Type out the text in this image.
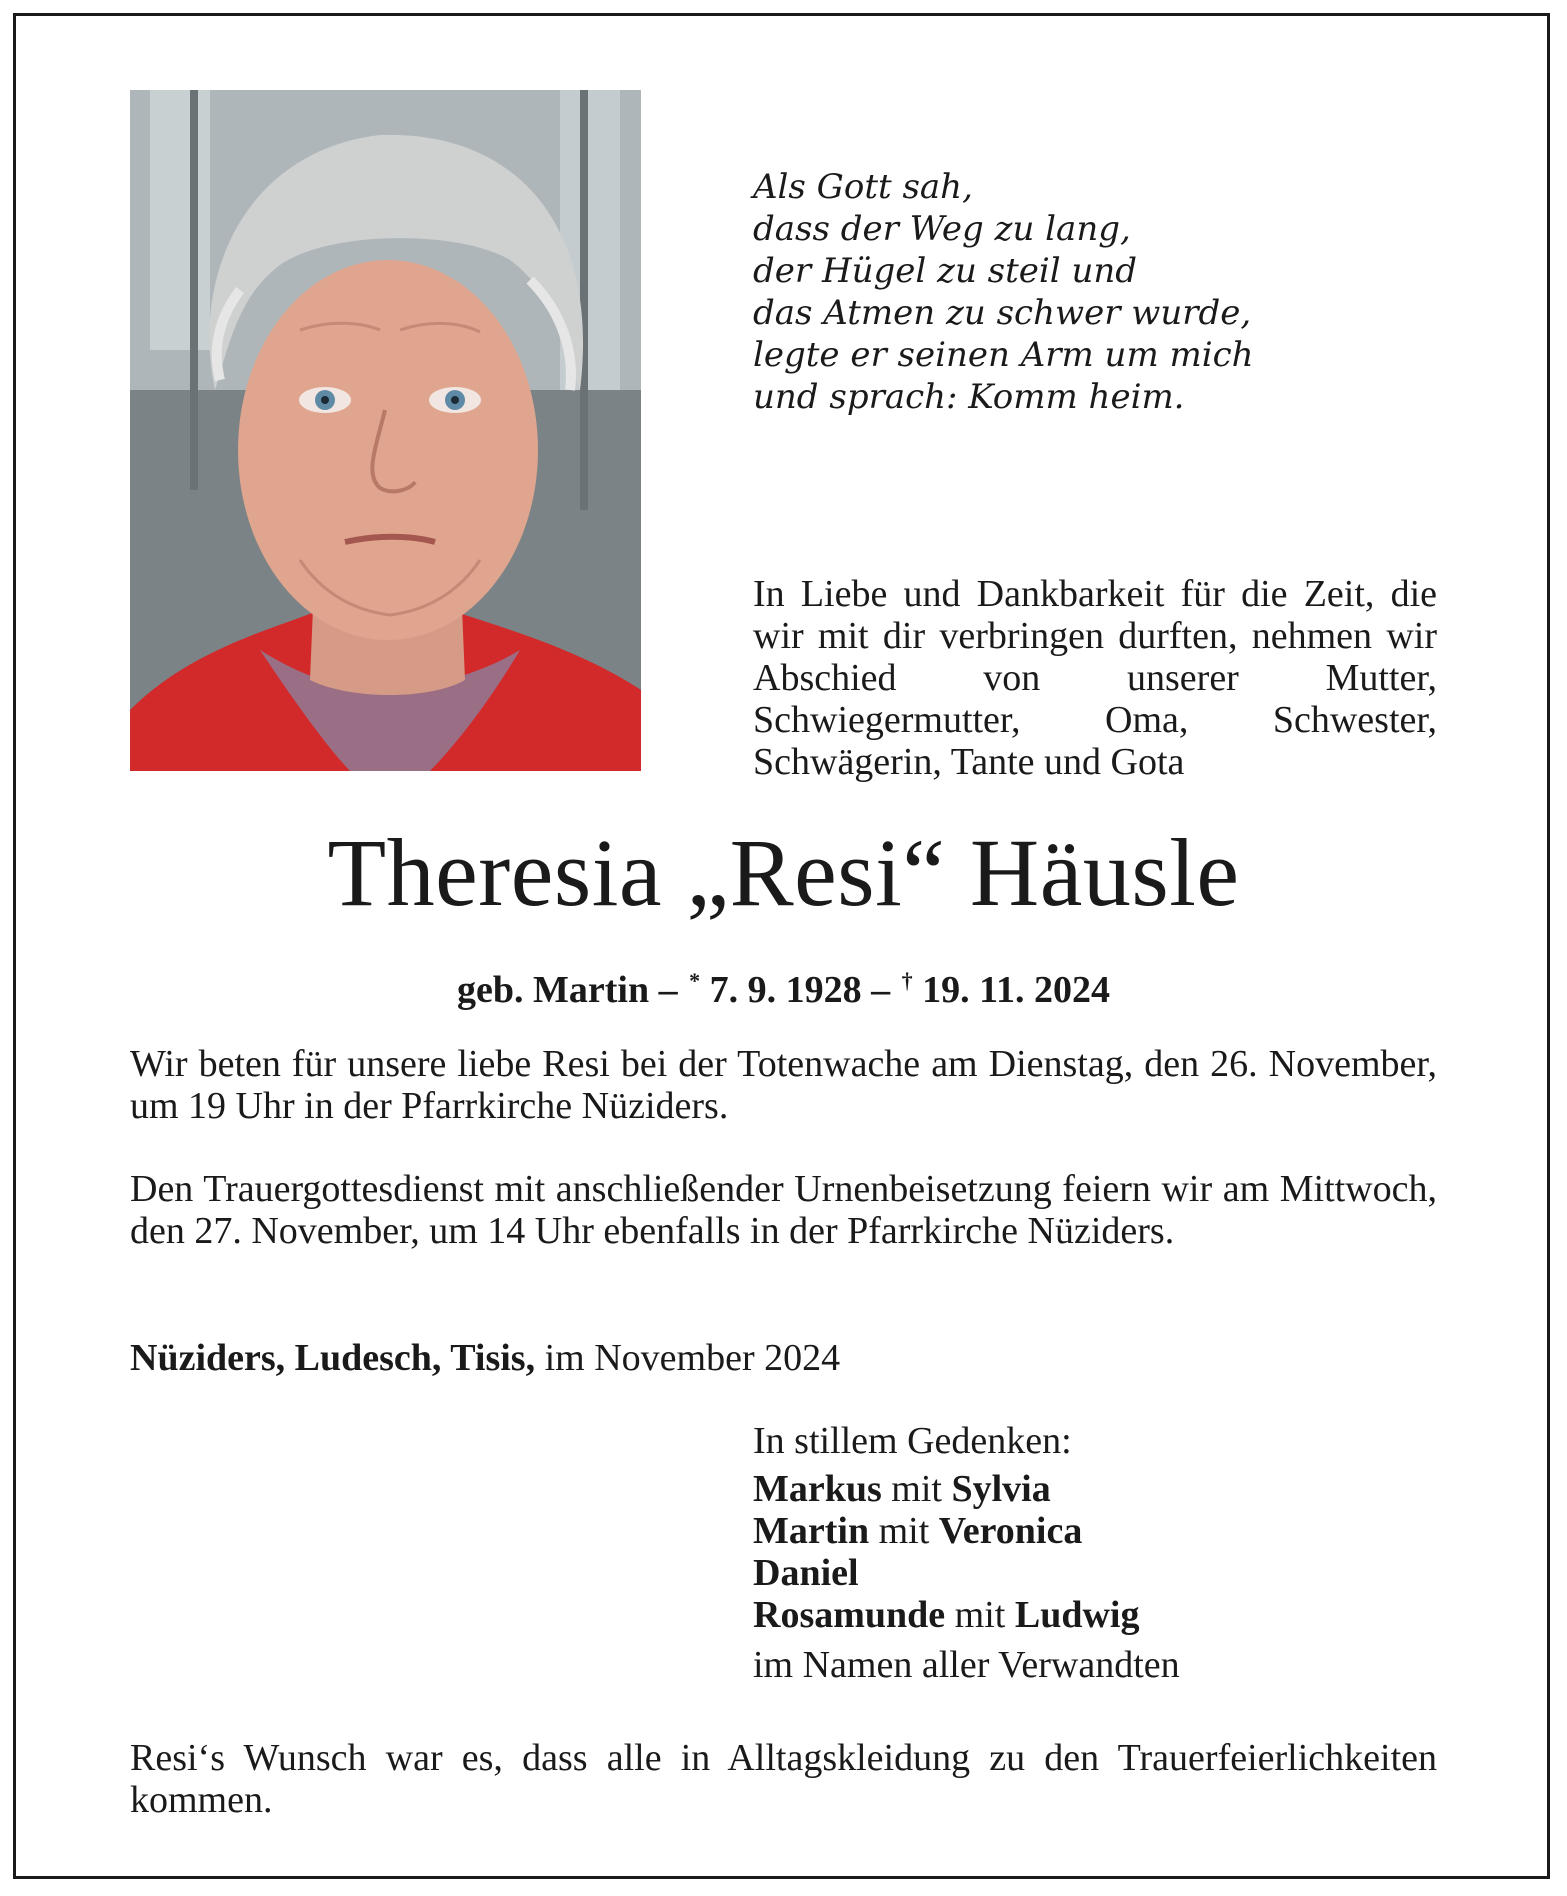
Als Gott sah,
dass der Weg zu lang,
der Hügel zu steil und
das Atmen zu schwer wurde,
legte er seinen Arm um mich
und sprach: Komm heim.
In Liebe und Dankbarkeit für die Zeit, die wir mit dir verbringen durften, nehmen wir Abschied von unserer Mutter, Schwiegermutter, Oma, Schwester, Schwägerin, Tante und Gota
Theresia „Resi“ Häusle
geb. Martin – * 7. 9. 1928 – † 19. 11. 2024
Wir beten für unsere liebe Resi bei der Totenwache am Dienstag, den 26. November, um 19 Uhr in der Pfarrkirche Nüziders.
Den Trauergottesdienst mit anschließender Urnenbeisetzung feiern wir am Mittwoch, den 27. November, um 14 Uhr ebenfalls in der Pfarrkirche Nüziders.
Nüziders, Ludesch, Tisis, im November 2024
In stillem Gedenken:
Markus mit Sylvia
Martin mit Veronica
Daniel
Rosamunde mit Ludwig
im Namen aller Verwandten
Resi‘s Wunsch war es, dass alle in Alltagskleidung zu den Trauerfeierlichkeiten kommen.
